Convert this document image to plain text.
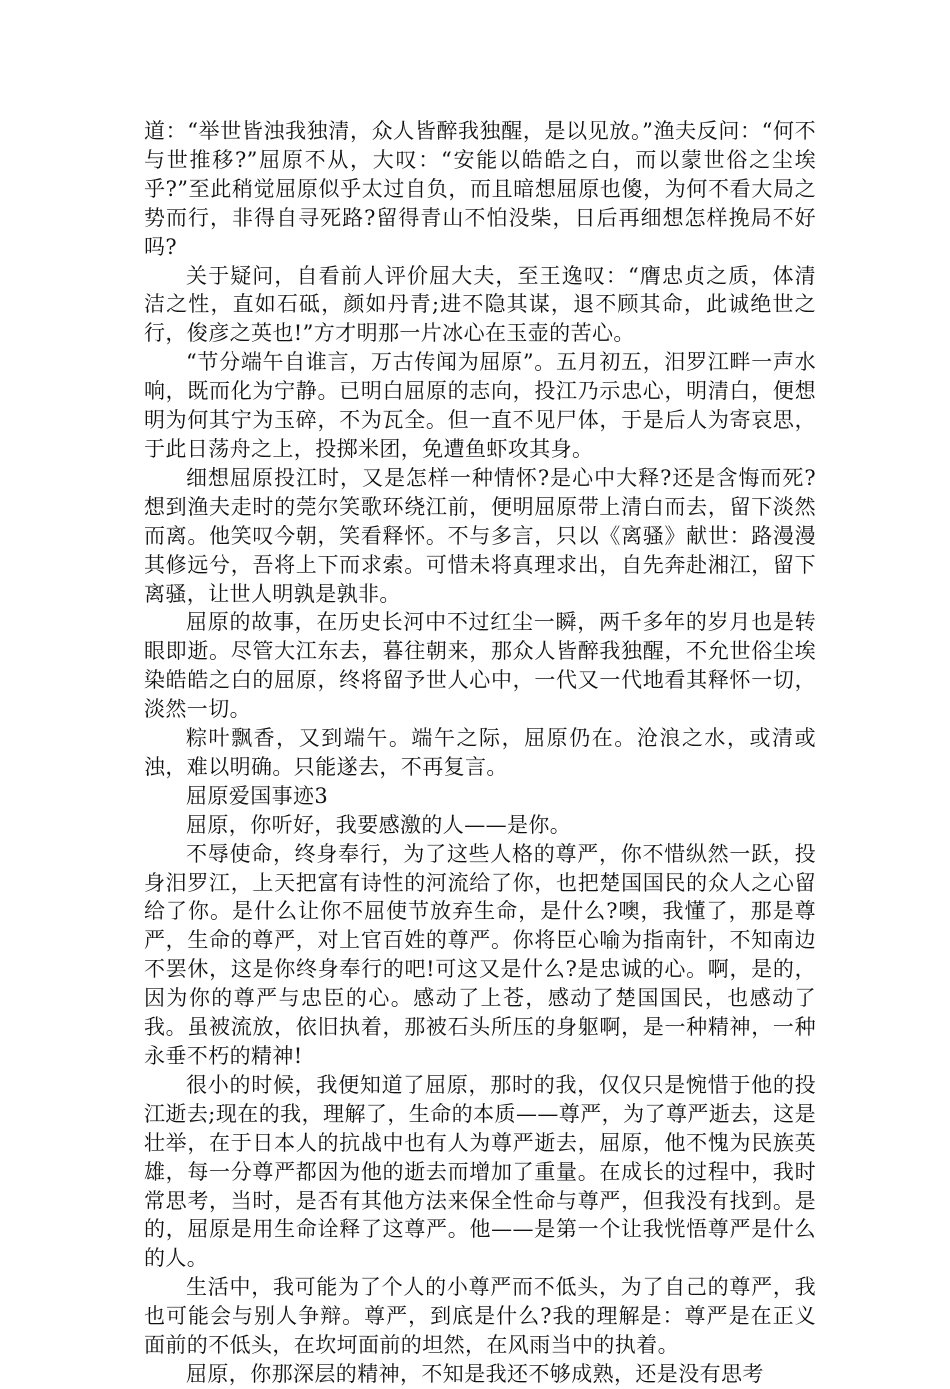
道：“举世皆浊我独清，众人皆醉我独醒，是以见放。”渔夫反问：“何不与世推移?”屈原不从，大叹：“安能以皓皓之白，而以蒙世俗之尘埃乎?”至此稍觉屈原似乎太过自负，而且暗想屈原也傻，为何不看大局之势而行，非得自寻死路?留得青山不怕没柴，日后再细想怎样挽局不好吗?

关于疑问，自看前人评价屈大夫，至王逸叹：“膺忠贞之质，体清洁之性，直如石砥，颜如丹青;进不隐其谋，退不顾其命，此诚绝世之行，俊彦之英也!”方才明那一片冰心在玉壶的苦心。

“节分端午自谁言，万古传闻为屈原”。五月初五，汨罗江畔一声水响，既而化为宁静。已明白屈原的志向，投江乃示忠心，明清白，便想明为何其宁为玉碎，不为瓦全。但一直不见尸体，于是后人为寄哀思，于此日荡舟之上，投掷米团，免遭鱼虾攻其身。

细想屈原投江时，又是怎样一种情怀?是心中大释?还是含悔而死?想到渔夫走时的莞尔笑歌环绕江前，便明屈原带上清白而去，留下淡然而离。他笑叹今朝，笑看释怀。不与多言，只以《离骚》献世：路漫漫其修远兮，吾将上下而求索。可惜未将真理求出，自先奔赴湘江，留下离骚，让世人明孰是孰非。

屈原的故事，在历史长河中不过红尘一瞬，两千多年的岁月也是转眼即逝。尽管大江东去，暮往朝来，那众人皆醉我独醒，不允世俗尘埃染皓皓之白的屈原，终将留予世人心中，一代又一代地看其释怀一切，淡然一切。

粽叶飘香，又到端午。端午之际，屈原仍在。沧浪之水，或清或浊，难以明确。只能遂去，不再复言。

屈原爱国事迹3

屈原，你听好，我要感激的人——是你。

不辱使命，终身奉行，为了这些人格的尊严，你不惜纵然一跃，投身汨罗江，上天把富有诗性的河流给了你，也把楚国国民的众人之心留给了你。是什么让你不屈使节放弃生命，是什么?噢，我懂了，那是尊严，生命的尊严，对上官百姓的尊严。你将臣心喻为指南针，不知南边不罢休，这是你终身奉行的吧!可这又是什么?是忠诚的心。啊，是的，因为你的尊严与忠臣的心。感动了上苍，感动了楚国国民，也感动了我。虽被流放，依旧执着，那被石头所压的身躯啊，是一种精神，一种永垂不朽的精神!

很小的时候，我便知道了屈原，那时的我，仅仅只是惋惜于他的投江逝去;现在的我，理解了，生命的本质——尊严，为了尊严逝去，这是壮举，在于日本人的抗战中也有人为尊严逝去，屈原，他不愧为民族英雄，每一分尊严都因为他的逝去而增加了重量。在成长的过程中，我时常思考，当时，是否有其他方法来保全性命与尊严，但我没有找到。是的，屈原是用生命诠释了这尊严。他——是第一个让我恍悟尊严是什么的人。

生活中，我可能为了个人的小尊严而不低头，为了自己的尊严，我也可能会与别人争辩。尊严，到底是什么?我的理解是：尊严是在正义面前的不低头，在坎坷面前的坦然，在风雨当中的执着。

屈原，你那深层的精神，不知是我还不够成熟，还是没有思考
